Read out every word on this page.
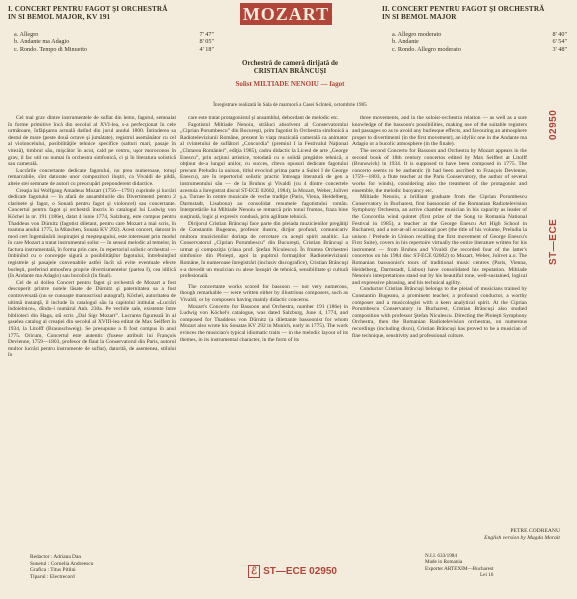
I. CONCERT PENTRU FAGOT ŞI ORCHESTRĂ
IN SI BEMOL MAJOR, KV 191
a. Allegro	7' 47"
b. Andante ma Adagio	8' 05"
c. Rondo. Tempo di Minuetto	4' 18"
MOZART	II. CONCERT PENTRU FAGOT ŞI ORCHESTRĂ
IN SI BEMOL MAJOR
a. Allegro moderato	8' 40"
b. Andante	6' 54"
c. Rondo. Allegro moderato	3' 48"
Orchestră de cameră dirijată de
CRISTIAN BRÂNCUŞI
Solist MILTIADE NENOIU — fagot
Înregistrare realizată în Sala de marmoră a Casei Scînteii, octombrie 1985

Cel mai grav dintre instrumentele de suflat din lemn, fagotul, semnalat în forme primitive încă din secolul al XVI-lea, s-a perfecţionat în cele următoare, înfăţişarea actuală datînd din jurul anului 1800. Întinderea sa destul de mare (peste două octave şi jumătate), registrul asemănător cu cel al violoncelului, posibilităţile tehnice specifice (salturi mari, pasaje în viteză), timbrul său, mişcător în acut, cald pe centru, uşor moroconos în grav, il fac util nu numai în orchestra simfonică, ci şi în literatura solistică sau camerală.

Lucrările concertante dedicate fagotului, nu prea numeroase, totuşi remarcabile, sînt datorate unor compozitori iluştri, ca Vivaldi de pildă, alteie stei semnate de autori cu preocupări preponderent didactice.

Creaţia lui Wolfgang Amadeus Mozart (1756—1791) cuprinde şi lucrări dedicate fagotului — în afară de ansamblurile din Divertimenti pentru 2 clarinete şi fagot, o Sonată pentru fagot şi violoncel) sau concertante. Concertul pentru fagot şi orchestră înscris în catalogul lui Ludwig von Köchel la nr. 191 (186e), datat 4 iunie 1774, Salzburg, este compus pentru Thaddeus von Dürnitz (fagotist diletant, pentru care Mozart a mai scris, în toamna anului 1775, la München, Sonata KV 292). Acest concert, datorat în mod cert îngemănării inspiraţiei şi meşteşugului, este interesant prin modul în care Mozart a tratat instrumentul solist — în sensul melodic al temelor, în factura instrumentală, în forma prin care, în repertoriul solistic orchestral — îmbinînd cu o concepţie sigură a posibilităţilor fagotului, întrebuinţînd registrele şi pasajele convenabile astfel încît să evite eventuale efecte burleşti, preferind atmosfera proprie divertismentelor (partea I), cea idilică (în Andante ma Adagio) sau bucolică (în final).

Cel de al doilea Concert pentru fagot şi orchestră de Mozart a fost descoperit printre notele lăsate de Dürnitz şi paternitatea sa a fost controversată (nu se cunoaşte manuscrisul autograf). Köchel, autoritatea de ultimă instanţă, il include în catalogul său la capitolul intitulat «Lucrări îndoielnice», dîndu-i numărul Anh. 230a. Pe vechile sale, existente între biblioteci din Haga, stă scris „Dal Sigr Mozart”. Lucrarea figurează în al şaselea catalog al creaţiei din secolul al XVIII-lea editat de Max Seiffert în 1934, la Litolff (Braunschweig). Se presupune a fi fost compus în anul 1775. Oricum, Concertul este autentic (fusese atribuit lui François Devienne, 1759—1803, profesor de flaut la Conservatorul din Paris, autorul multor lucrări pentru instrumente de suflat), datorită, de asemenea, stilului în

care este tratat protagonistul şi ansamblul, debordant de melodic etc.

Fagotistul Miltiade Nenoiu, străluci absolvent al Conservatorului „Ciprian Porumbescu” din Bucureşti, prim fagotist în Orchestra simfonică a Radioteleviziunii Române, prezent în viaţa muzicală camerală ca animator al cvintetului de suflători „Concordia” (premiul I la Festivalul Naţional „Cîntarea României”, ediţia 1985), cadru didactic la Liceul de arte „George Enescu”, prin acţiuni artistice, totodată cu o solidă pregătire tehnică, a obţinut de-a lungul anilor, cu succes, cîteva opusuri dedicate fagotului precum Preludiu la unison, titlul evocind prima parte a Suitei I de George Enescu), are în repertoriul solistic practic întreaga literatură de gen a instrumentului său — de la Bruhns şi Vivaldi (cu 4 dintre concertele acestuia a înregistrat discul ST-ECE 02602, 1984), la Mozart, Weber, Jolivet ş.a. Turnee în centre muzicale de veche tradiţie (Paris, Viena, Heidelberg, Darmstadt, Lisabona) au consolidat renumele fagotistului român. Interpretările lui Miltiade Nenoiu se remarcă prin tonul frumos, fraza bine susţinută, logic şi expresiv condusă, prin agilitate tehnică.

Dirijorul Cristian Brâncuşi face parte din pleiada muzicienilor pregătiţi de Constantin Bugeanu, profesor ilustru, dirijor profund, comunicativ multora muzicienilor dorinţa de cercetare cu aceşti spirit analitic. La Conservatorul „Ciprian Porumbescu” din Bucureşti, Cristian Brâncuşi a urmat şi compoziţia (clasa prof. Ştefan Niculescu). În fruntea Orchestrei simfonice din Ploieşti, apoi la pupitrul formaţiilor Radioteleviziunii Române, în numeroase înregistrări (inclusiv discografice), Cristian Brâncuşi s-a dovedit un muzician cu alese însuşiri de tehnică, sensibilitate şi cultură profesională.

The concertante works scored for bassoon — not very numerous, though remarkable — were written either by illustrious composers, such as Vivaldi, or by composers having mainly didactic concerns.

Mozart's Concerto for Bassoon and Orchestra, number 191 (186e) in Ludwig von Köchel's catalogue, was dated Salzburg, June 4, 1774, and composed for Thaddeus von Dürnitz (a dilettante bassoonist for whom Mozart also wrote his Sonatas KV 292 in Munich, early in 1775). The work evinces the musician's typical idiomatic traits — in the melodic layout of its themes, in its instrumental character, in the form of its

three movements, and in the soloist-orchestra relation — as well as a sure knowledge of the bassoon's possibilities, making use of the suitable registers and passages so as to avoid any burlesque effects, and favouring an atmosphere proper to divertimenti (in the first movement), an idyllic one in the Andante ma Adagio or a bucolic atmosphere (in the finale).

The second Concerto for Bassoon and Orchestra by Mozart appears in the second book of 18th century concertos edited by Max Seiffert at Litolff (Brunswick) in 1934. It is supposed to have been composed in 1775. The concerto seems to be authentic (it had been ascribed to François Devienne, 1759—1803, a flute teacher at the Paris Conservatory, the author of several works for winds), considering also the treatment of the protagonist and ensemble, the melodic buoyancy etc.

Miltiade Nenoiu, a brilliant graduate from the Ciprian Porumbescu Conservatory in Bucharest, first bassoonist of the Romanian Radiotelevision Symphony Orchestra, an active chamber musician in his capacity as leader of the Concordia wind quintet (first prize of the Song to Romania National Festival in 1985), a teacher at the George Enescu Art High School in Bucharest, and a not-at-all occasional poet (the title of his volume, Preludiu la unison / Prelude in Unison recalling the first movement of George Enescu's First Suite), covers in his repertoire virtually the entire literature written for his instrument — from Bruhns and Vivaldi (he recorded four of the latter's concertos on his 1984 disc ST-ECE 02602) to Mozart, Weber, Jolivet a.o. The Romanian bassoonist's tours of traditional music centres (Paris, Vienna, Heidelberg, Darmstadt, Lisbon) have consolidated his reputation. Miltiade Nenoiu's interpretations stand out by his beautiful tone, well-sustained, logical and expressive phrasing, and his technical agility.

Conductor Cristian Brâncuşi belongs to the pleiad of musicians trained by Constantin Bugeanu, a prominent teacher, a profound conductor, a worthy composer and a musicologist with a keen analytical spirit. At the Ciprian Porumbescu Conservatory in Bucharest, Cristian Brâncuşi also studied composition with professor Ştefan Niculescu. Directing the Ploieşti Symphony Orchestra, then the Romanian Radiotelevision orchestras, on numerous recordings (including discs), Cristian Brâncuşi has proved to be a musician of fine technique, sensitivity and professional culture.

02950
ST—ECE
PETRE CODREANU
English version by Magda Morait
Redactor : Adriana Dan
Sunetul : Cornelia Andreescu
Grafica : Titus Pitlini
Tiparul : Electrecord	ℰ ST—ECE 02950
N.I.I. 633/1984
Made in Romania
Exporter ARTEXIM—Bucharest
Lei 16
